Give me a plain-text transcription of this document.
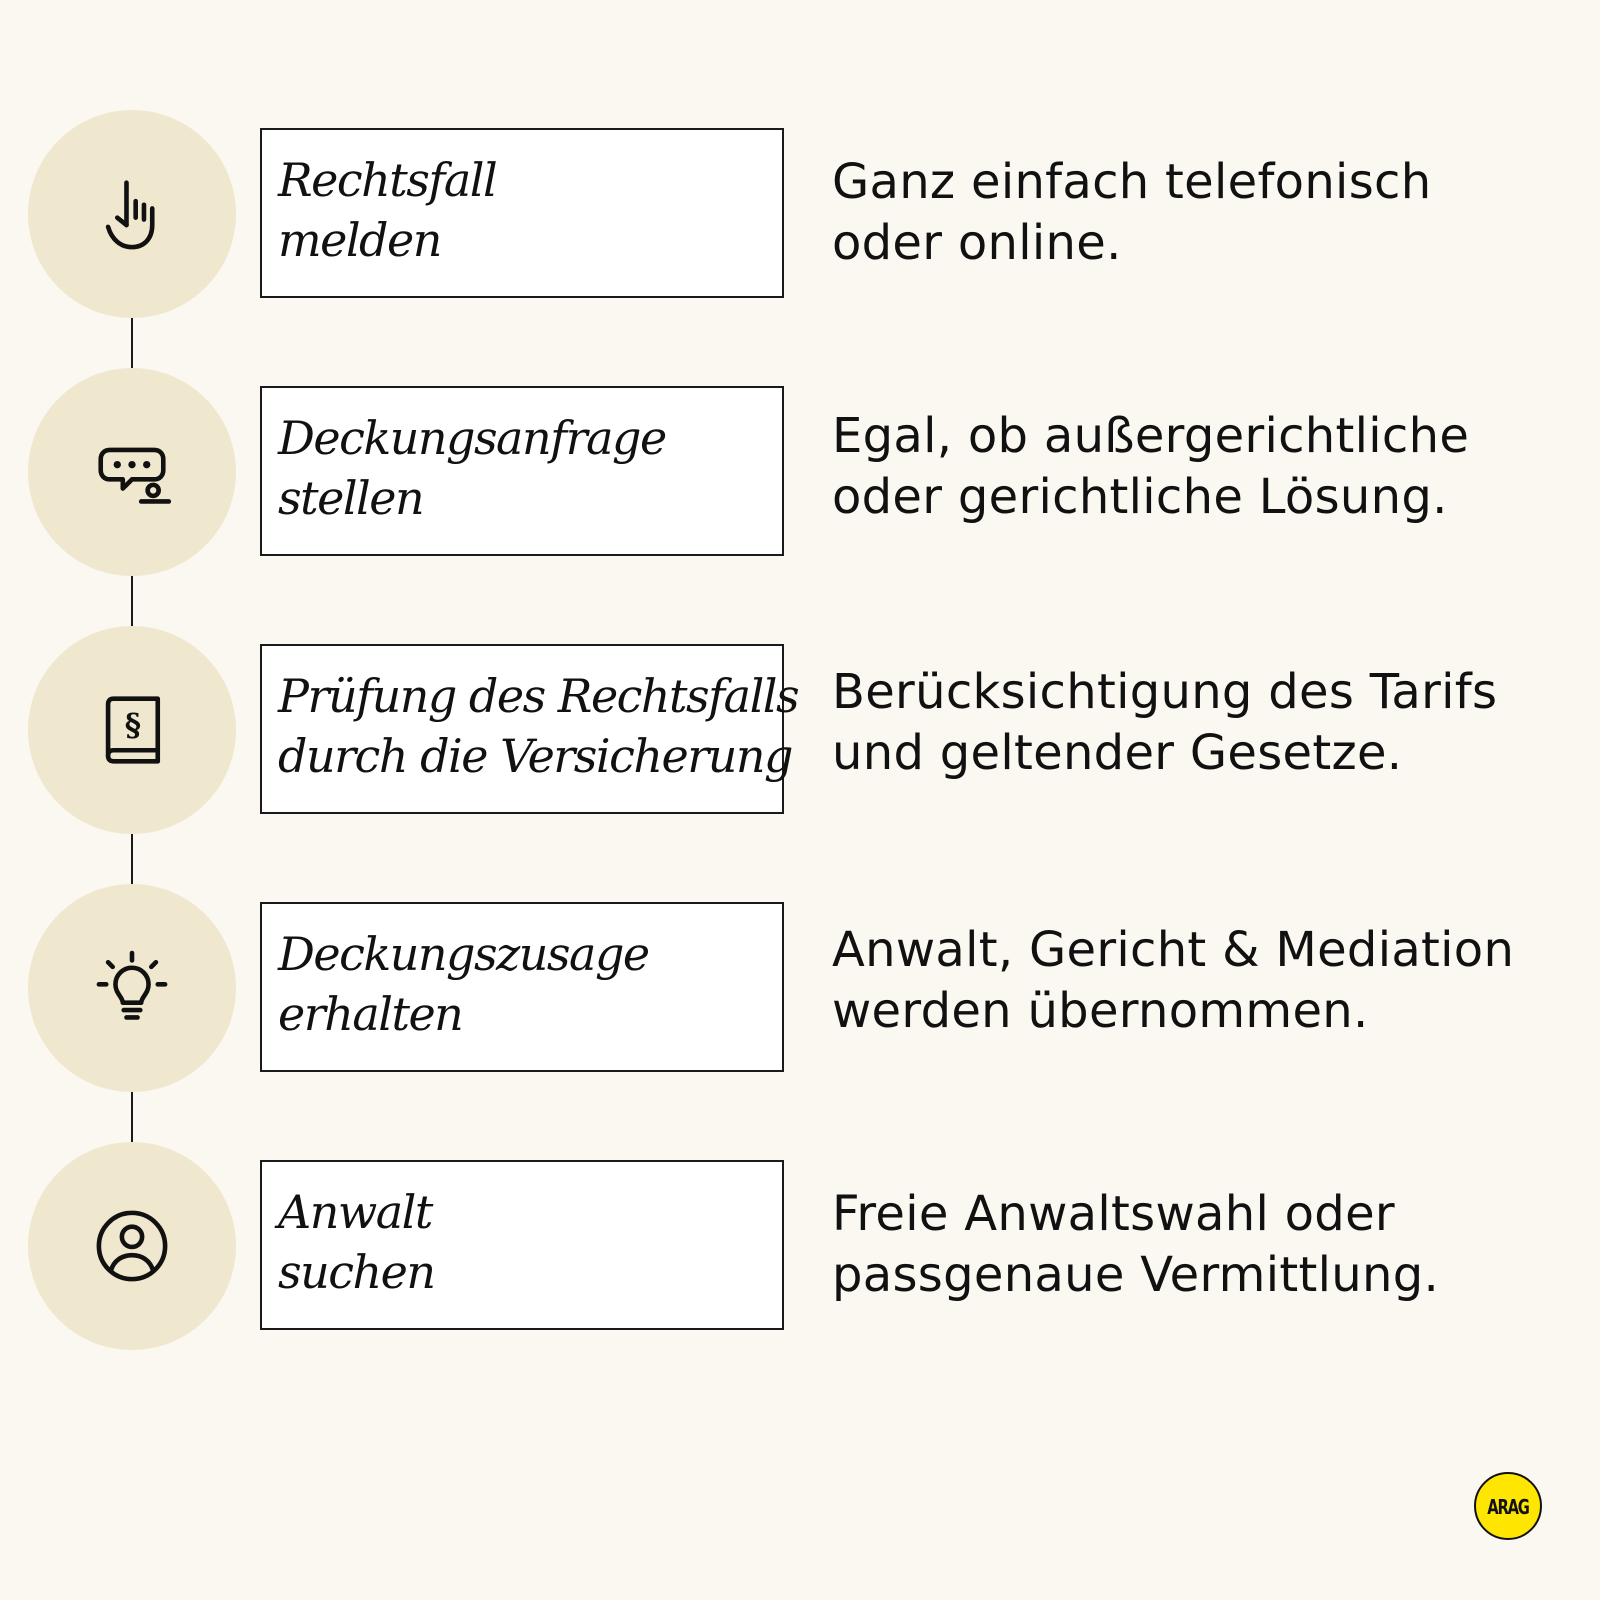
Rechtsfall
melden
Ganz einfach telefonisch
oder online.
Deckungsanfrage
stellen
Egal, ob außergerichtliche
oder gerichtliche Lösung.
§
Prüfung des Rechtsfalls
durch die Versicherung
Berücksichtigung des Tarifs
und geltender Gesetze.
Deckungszusage
erhalten
Anwalt, Gericht & Mediation
werden übernommen.
Anwalt
suchen
Freie Anwaltswahl oder
passgenaue Vermittlung.
ARAG
